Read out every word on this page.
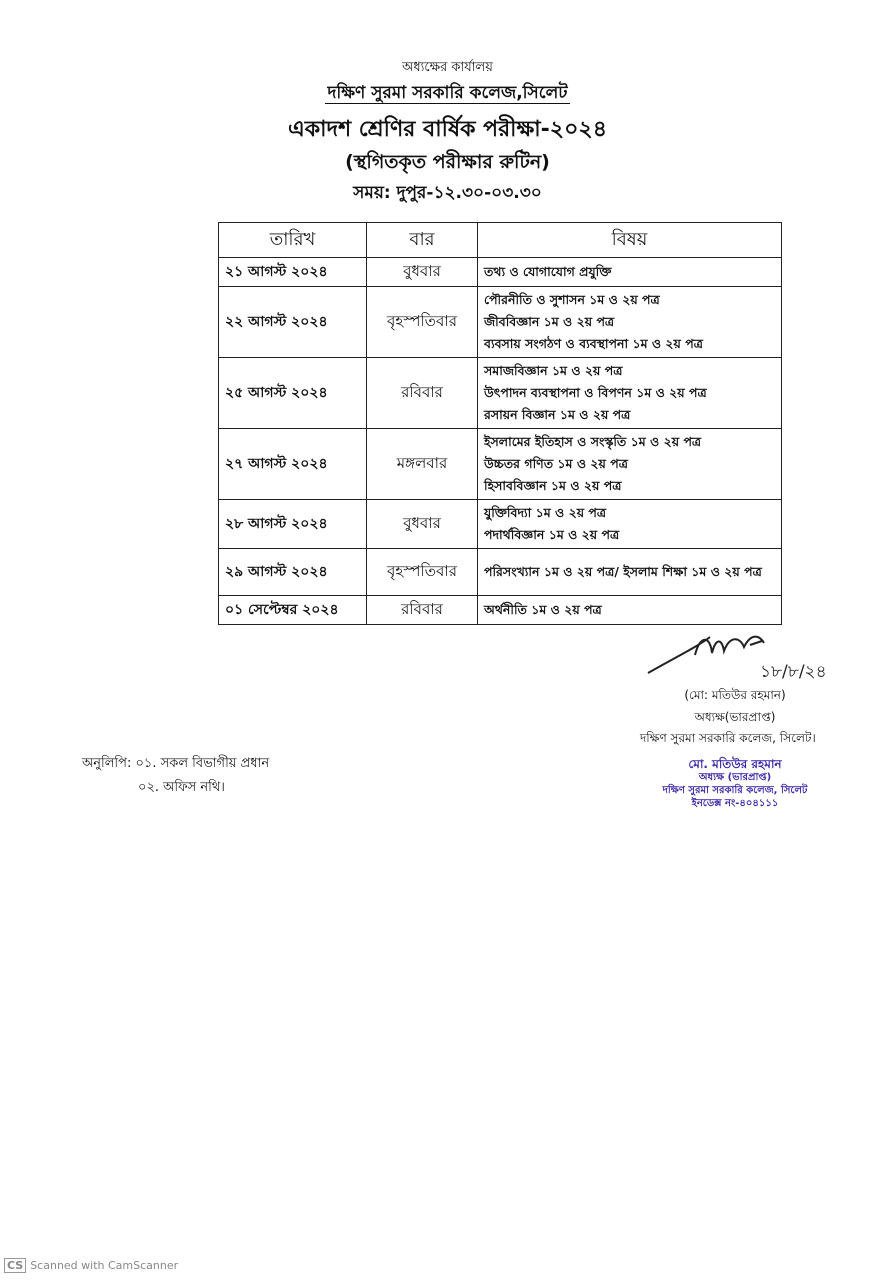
অধ্যক্ষের কার্যালয়
দক্ষিণ সুরমা সরকারি কলেজ,সিলেট
একাদশ শ্রেণির বার্ষিক পরীক্ষা-২০২৪
(স্থগিতকৃত পরীক্ষার রুটিন)
সময়: দুপুর-১২.৩০-০৩.৩০
তারিখ	বার	বিষয়
২১ আগস্ট ২০২৪	বুধবার	তথ্য ও যোগাযোগ প্রযুক্তি

২২ আগস্ট ২০২৪	বৃহস্পতিবার	পৌরনীতি ও সুশাসন ১ম ও ২য় পত্র
জীববিজ্ঞান ১ম ও ২য় পত্র
ব্যবসায় সংগঠণ ও ব্যবস্থাপনা ১ম ও ২য় পত্র

২৫ আগস্ট ২০২৪	রবিবার	সমাজবিজ্ঞান ১ম ও ২য় পত্র
উৎপাদন ব্যবস্থাপনা ও বিপণন ১ম ও ২য় পত্র
রসায়ন বিজ্ঞান ১ম ও ২য় পত্র

২৭ আগস্ট ২০২৪	মঙ্গলবার	ইসলামের ইতিহাস ও সংস্কৃতি ১ম ও ২য় পত্র
উচ্চতর গণিত ১ম ও ২য় পত্র
হিসাববিজ্ঞান ১ম ও ২য় পত্র

২৮ আগস্ট ২০২৪	বুধবার	যুক্তিবিদ্যা ১ম ও ২য় পত্র
পদার্থবিজ্ঞান ১ম ও ২য় পত্র

২৯ আগস্ট ২০২৪	বৃহস্পতিবার	পরিসংখ্যান ১ম ও ২য় পত্র/ ইসলাম শিক্ষা ১ম ও ২য় পত্র

০১ সেপ্টেম্বর ২০২৪	রবিবার	অর্থনীতি ১ম ও ২য় পত্র
১৮/৮/২৪
(মো: মতিউর রহমান)
অধ্যক্ষ(ভারপ্রাপ্ত)
দক্ষিণ সুরমা সরকারি কলেজ, সিলেট।
মো. মতিউর রহমান
অধ্যক্ষ (ভারপ্রাপ্ত)
দক্ষিণ সুরমা সরকারি কলেজ, সিলেট
ইনডেক্স নং-৪০৪১১১
অনুলিপি: ০১. সকল বিভাগীয় প্রধান
০২. অফিস নথি।
CS Scanned with CamScanner
